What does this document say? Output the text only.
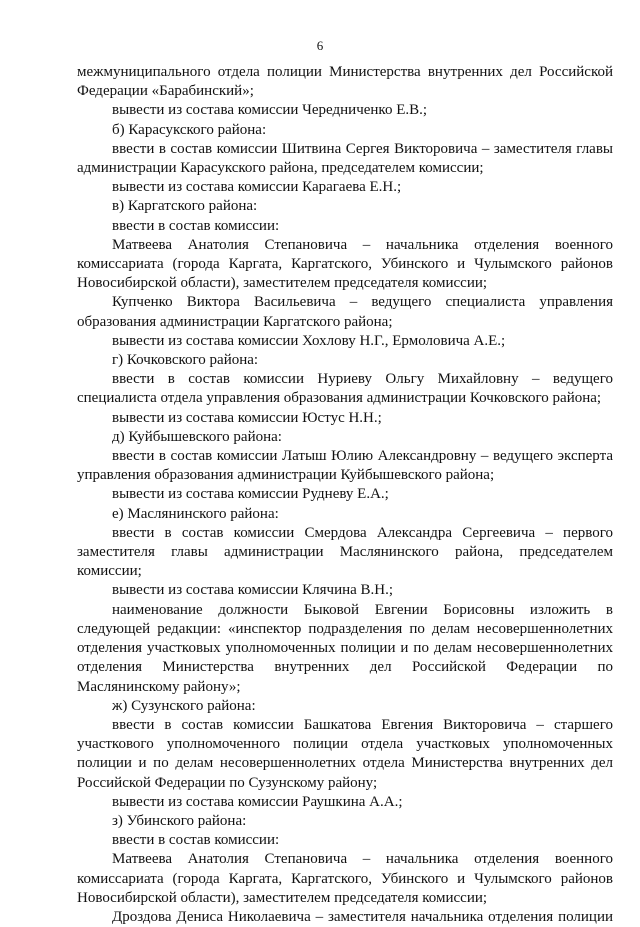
6

межмуниципального отдела полиции Министерства внутренних дел Российской Федерации «Барабинский»;

вывести из состава комиссии Чередниченко Е.В.;

б) Карасукского района:

ввести в состав комиссии Шитвина Сергея Викторовича – заместителя главы администрации Карасукского района, председателем комиссии;

вывести из состава комиссии Карагаева Е.Н.;

в) Каргатского района:

ввести в состав комиссии:

Матвеева Анатолия Степановича – начальника отделения военного комиссариата (города Каргата, Каргатского, Убинского и Чулымского районов Новосибирской области), заместителем председателя комиссии;

Купченко Виктора Васильевича – ведущего специалиста управления образования администрации Каргатского района;

вывести из состава комиссии Хохлову Н.Г., Ермоловича А.Е.;

г) Кочковского района:

ввести в состав комиссии Нуриеву Ольгу Михайловну – ведущего специалиста отдела управления образования администрации Кочковского района;

вывести из состава комиссии Юстус Н.Н.;

д) Куйбышевского района:

ввести в состав комиссии Латыш Юлию Александровну – ведущего эксперта управления образования администрации Куйбышевского района;

вывести из состава комиссии Рудневу Е.А.;

е) Маслянинского района:

ввести в состав комиссии Смердова Александра Сергеевича – первого заместителя главы администрации Маслянинского района, председателем комиссии;

вывести из состава комиссии Клячина В.Н.;

наименование должности Быковой Евгении Борисовны изложить в следующей редакции: «инспектор подразделения по делам несовершеннолетних отделения участковых уполномоченных полиции и по делам несовершеннолетних отделения Министерства внутренних дел Российской Федерации по Маслянинскому району»;

ж) Сузунского района:

ввести в состав комиссии Башкатова Евгения Викторовича – старшего участкового уполномоченного полиции отдела участковых уполномоченных полиции и по делам несовершеннолетних отдела Министерства внутренних дел Российской Федерации по Сузунскому району;

вывести из состава комиссии Раушкина А.А.;

з) Убинского района:

ввести в состав комиссии:

Матвеева Анатолия Степановича – начальника отделения военного комиссариата (города Каргата, Каргатского, Убинского и Чулымского районов Новосибирской области), заместителем председателя комиссии;

Дроздова Дениса Николаевича – заместителя начальника отделения полиции
